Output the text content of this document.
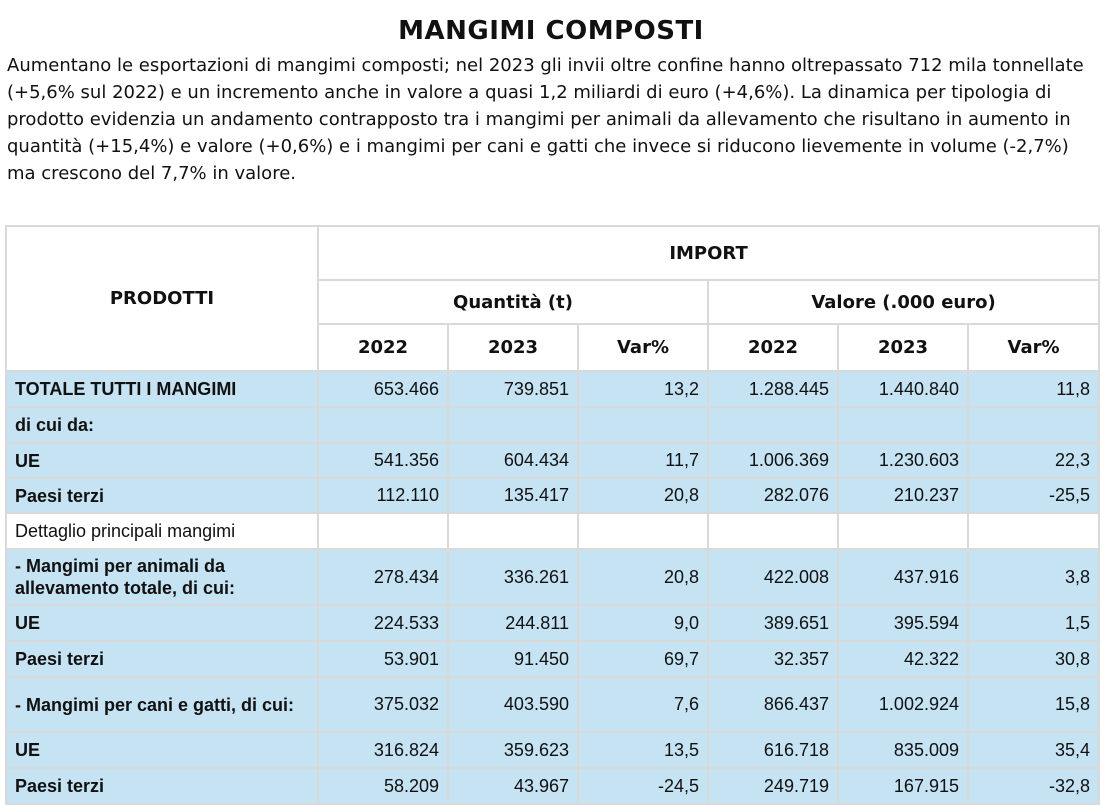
MANGIMI COMPOSTI
Aumentano le esportazioni di mangimi composti; nel 2023 gli invii oltre confine hanno oltrepassato 712 mila tonnellate (+5,6% sul 2022) e un incremento anche in valore a quasi 1,2 miliardi di euro (+4,6%). La dinamica per tipologia di prodotto evidenzia un andamento contrapposto tra i mangimi per animali da allevamento che risultano in aumento in quantità (+15,4%) e valore (+0,6%) e i mangimi per cani e gatti che invece si riducono lievemente in volume (-2,7%) ma crescono del 7,7% in valore.
PRODOTTI	IMPORT					
	Quantità (t)			Valore (.000 euro)		
	2022	2023	Var%	2022	2023	Var%
TOTALE TUTTI I MANGIMI	653.466	739.851	13,2	1.288.445	1.440.840	11,8
di cui da:						
UE	541.356	604.434	11,7	1.006.369	1.230.603	22,3
Paesi terzi	112.110	135.417	20,8	282.076	210.237	-25,5
Dettaglio principali mangimi						
- Mangimi per animali da allevamento totale, di cui:	278.434	336.261	20,8	422.008	437.916	3,8
UE	224.533	244.811	9,0	389.651	395.594	1,5
Paesi terzi	53.901	91.450	69,7	32.357	42.322	30,8
- Mangimi per cani e gatti, di cui:	375.032	403.590	7,6	866.437	1.002.924	15,8
UE	316.824	359.623	13,5	616.718	835.009	35,4
Paesi terzi	58.209	43.967	-24,5	249.719	167.915	-32,8
